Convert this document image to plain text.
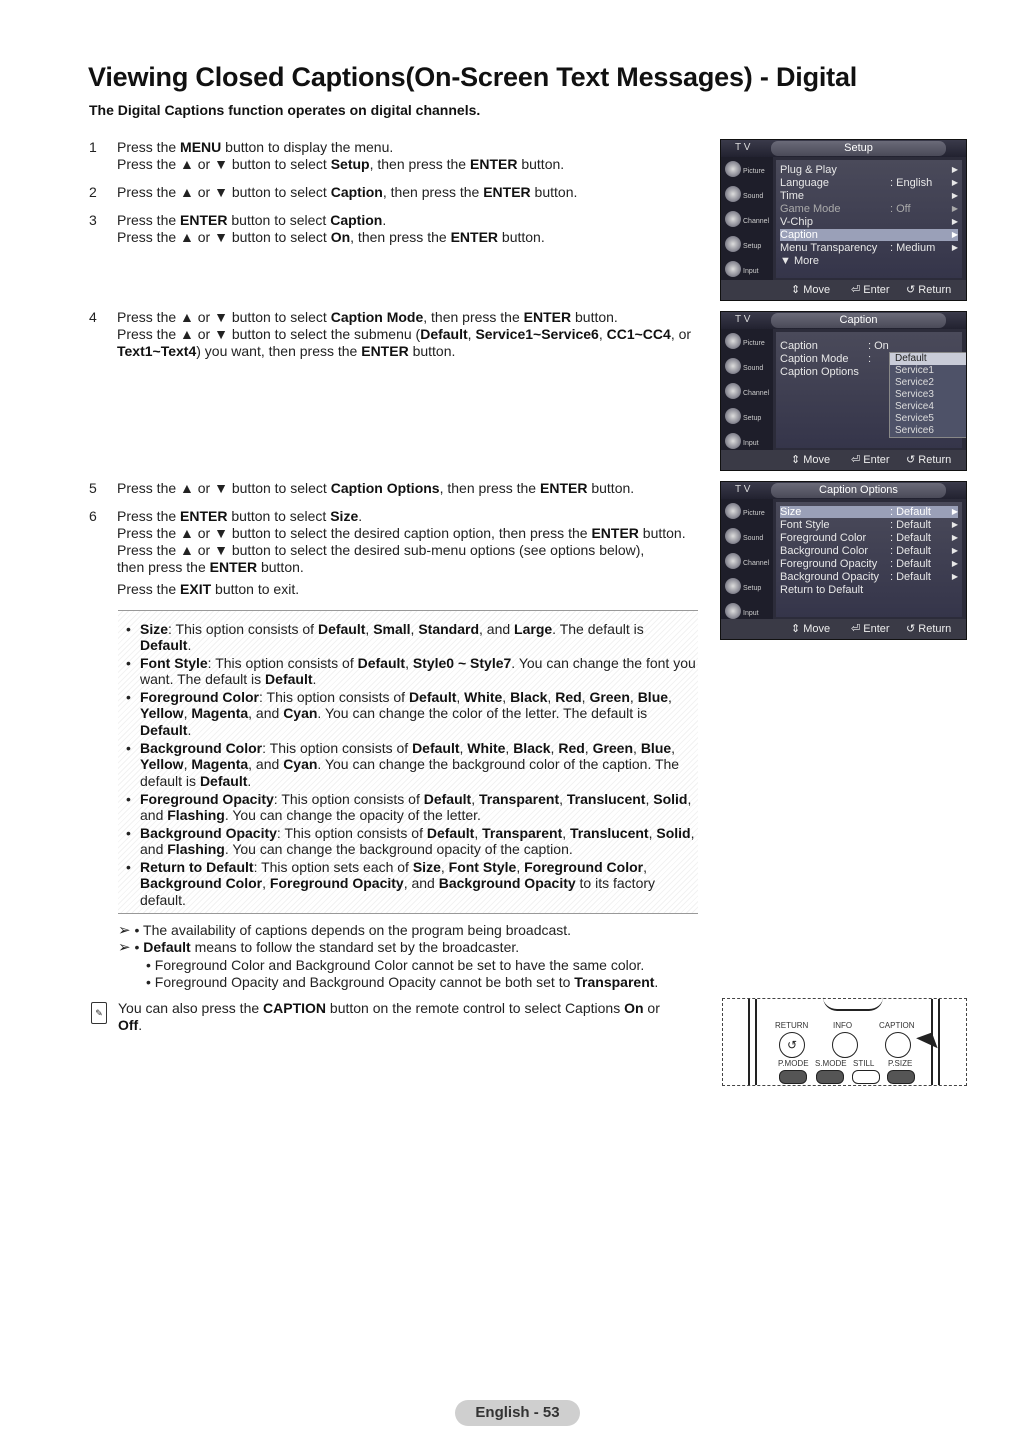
Viewing Closed Captions(On-Screen Text Messages) - Digital
The Digital Captions function operates on digital channels.
1	Press the MENU button to display the menu.
Press the ▲ or ▼ button to select Setup, then press the ENTER button.
2	Press the ▲ or ▼ button to select Caption, then press the ENTER button.
3	Press the ENTER button to select Caption.
Press the ▲ or ▼ button to select On, then press the ENTER button.
4	Press the ▲ or ▼ button to select Caption Mode, then press the ENTER button.
Press the ▲ or ▼ button to select the submenu (Default, Service1~Service6, CC1~CC4, or
Text1~Text4) you want, then press the ENTER button.
5	Press the ▲ or ▼ button to select Caption Options, then press the ENTER button.
6	Press the ENTER button to select Size.
Press the ▲ or ▼ button to select the desired caption option, then press the ENTER button.
Press the ▲ or ▼ button to select the desired sub-menu options (see options below),
then press the ENTER button.
Press the EXIT button to exit.
• Size: This option consists of Default, Small, Standard, and Large. The default is Default.
• Font Style: This option consists of Default, Style0 ~ Style7. You can change the font you want. The default is Default.
• Foreground Color: This option consists of Default, White, Black, Red, Green, Blue, Yellow, Magenta, and Cyan. You can change the color of the letter. The default is Default.
• Background Color: This option consists of Default, White, Black, Red, Green, Blue, Yellow, Magenta, and Cyan. You can change the background color of the caption. The default is Default.
• Foreground Opacity: This option consists of Default, Transparent, Translucent, Solid, and Flashing. You can change the opacity of the letter.
• Background Opacity: This option consists of Default, Transparent, Translucent, Solid, and Flashing. You can change the background opacity of the caption.
• Return to Default: This option sets each of Size, Font Style, Foreground Color, Background Color, Foreground Opacity, and Background Opacity to its factory default.
➢ • The availability of captions depends on the program being broadcast.
➢ • Default means to follow the standard set by the broadcaster.
• Foreground Color and Background Color cannot be set to have the same color.
• Foreground Opacity and Background Opacity cannot be both set to Transparent.
✎	You can also press the CAPTION button on the remote control to select Captions On or
Off.
T V	Setup
Picture
Sound
Channel
Setup
Input
Plug & Play	▶
Language	: English ▶
Time	▶
Game Mode	: Off	▶
V-Chip	▶
Caption	▶
Menu Transparency : Medium ▶
▼ More
⇕ Move ⏎ Enter ↺ Return
T V	Caption
Picture
Sound
Channel
Setup
Input
Caption	: On
Caption Mode :
Caption Options
Default
Service1
Service2
Service3
Service4
Service5
Service6
⇕ Move ⏎ Enter ↺ Return
T V	Caption Options
Picture
Sound
Channel
Setup
Input
Size	: Default	▶
Font Style	: Default	▶
Foreground Color : Default	▶
Background Color : Default	▶
Foreground Opacity : Default	▶
Background Opacity : Default	▶
Return to Default
⇕ Move ⏎ Enter ↺ Return
RETURN	INFO	CAPTION
↺
P.MODE S.MODE STILL P.SIZE
◥
English - 53
